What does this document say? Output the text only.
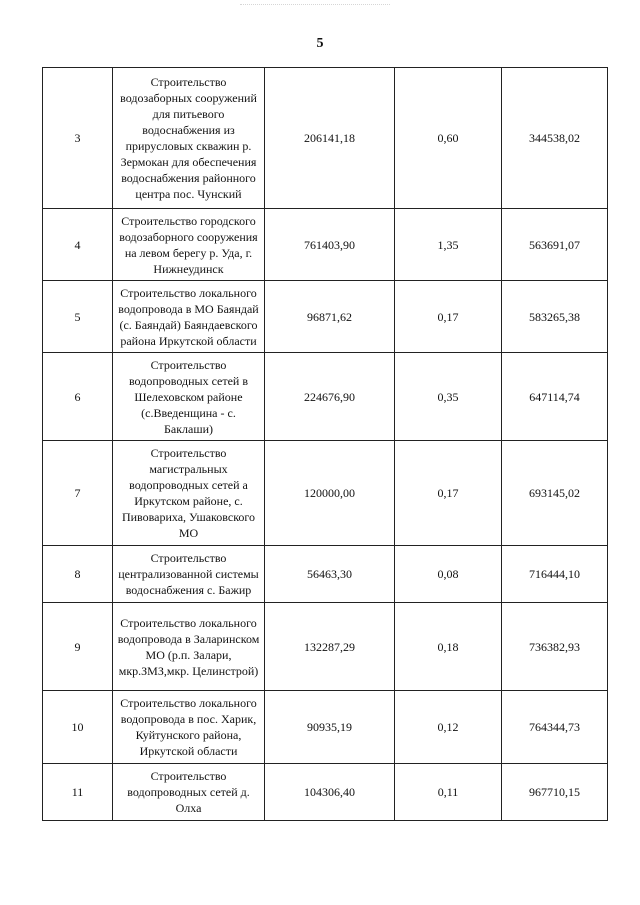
5
3	Строительство водозаборных сооружений для питьевого водоснабжения из прирусловых скважин р. Зермокан для обеспечения водоснабжения районного центра пос. Чунский	206141,18	0,60	344538,02
4	Строительство городского водозаборного сооружения на левом берегу р. Уда, г. Нижнеудинск	761403,90	1,35	563691,07
5	Строительство локального водопровода в МО Баяндай (с. Баяндай) Баяндаевского района Иркутской области	96871,62	0,17	583265,38
6	Строительство водопроводных сетей в Шелеховском районе (с.Введенщина - с. Баклаши)	224676,90	0,35	647114,74
7	Строительство магистральных водопроводных сетей а Иркутском районе, с. Пивовариха, Ушаковского МО	120000,00	0,17	693145,02
8	Строительство централизованной системы водоснабжения с. Бажир	56463,30	0,08	716444,10
9	Строительство локального водопровода в Заларинском МО (р.п. Залари, мкр.ЗМЗ,мкр. Целинстрой)	132287,29	0,18	736382,93
10	Строительство локального водопровода в пос. Харик, Куйтунского района, Иркутской области	90935,19	0,12	764344,73
11	Строительство водопроводных сетей д. Олха	104306,40	0,11	967710,15
